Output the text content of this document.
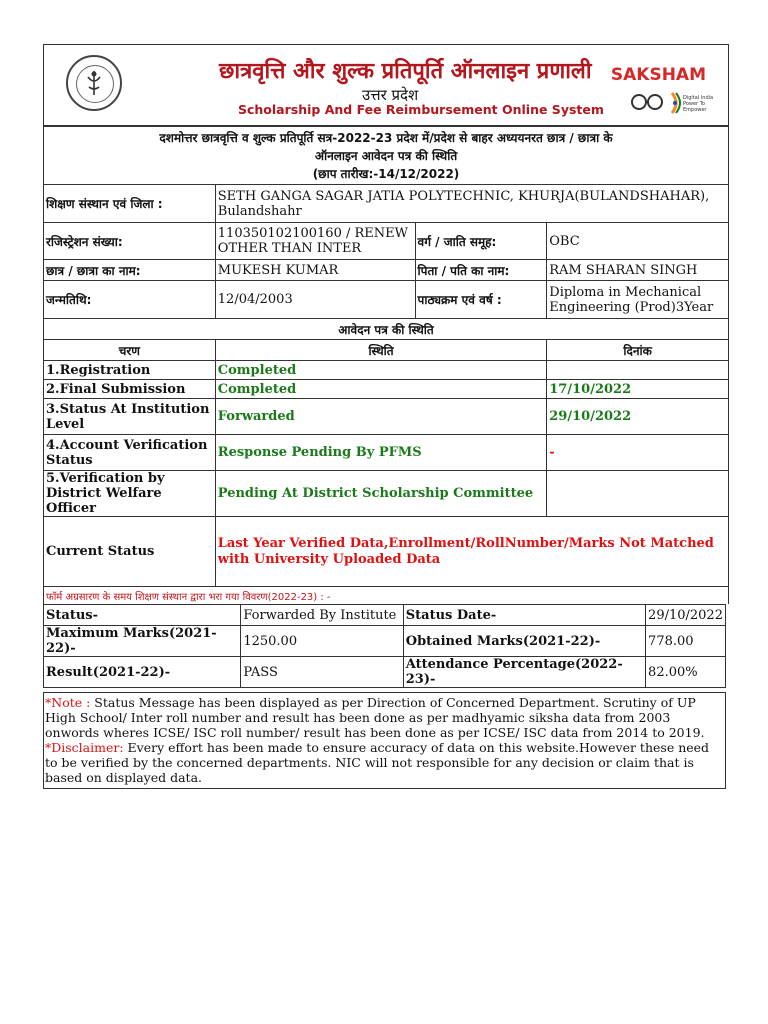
छात्रवृत्ति और शुल्क प्रतिपूर्ति ऑनलाइन प्रणाली
उत्तर प्रदेश
Scholarship And Fee Reimbursement Online System
SAKSHAM
Digital India
Power To Empower
दशमोत्तर छात्रवृत्ति व शुल्क प्रतिपूर्ति सत्र-2022-23 प्रदेश में/प्रदेश से बाहर अध्ययनरत छात्र / छात्रा के
ऑनलाइन आवेदन पत्र की स्थिति
(छाप तारीख:-14/12/2022)			

शिक्षण संस्थान एवं जिला :	SETH GANGA SAGAR JATIA POLYTECHNIC, KHURJA(BULANDSHAHAR), Bulandshahr		
रजिस्ट्रेशन संख्या:	110350102100160 / RENEW OTHER THAN INTER	वर्ग / जाति समूह:	OBC
छात्र / छात्रा का नाम:	MUKESH KUMAR	पिता / पति का नाम:	RAM SHARAN SINGH
जन्मतिथि:	12/04/2003	पाठ्यक्रम एवं वर्ष :	Diploma in Mechanical Engineering (Prod)3Year
आवेदन पत्र की स्थिति			
चरण	स्थिति		दिनांक
1.Registration	Completed		
2.Final Submission	Completed		17/10/2022
3.Status At Institution Level	Forwarded		29/10/2022
4.Account Verification Status	Response Pending By PFMS		-
5.Verification by District Welfare Officer	Pending At District Scholarship Committee		
Current Status	Last Year Verified Data,Enrollment/RollNumber/Marks Not Matched with University Uploaded Data		
फॉर्म अग्रसारण के समय शिक्षण संस्थान द्वारा भरा गया विवरण(2022-23) : -
Status-	Forwarded By Institute	Status Date-	29/10/2022
Maximum Marks(2021-22)-	1250.00	Obtained Marks(2021-22)-	778.00
Result(2021-22)-	PASS	Attendance Percentage(2022-23)-	82.00%
*Note : Status Message has been displayed as per Direction of Concerned Department. Scrutiny of UP High School/ Inter roll number and result has been done as per madhyamic siksha data from 2003 onwords wheres ICSE/ ISC roll number/ result has been done as per ICSE/ ISC data from 2014 to 2019.
*Disclaimer: Every effort has been made to ensure accuracy of data on this website.However these need to be verified by the concerned departments. NIC will not responsible for any decision or claim that is based on displayed data.
